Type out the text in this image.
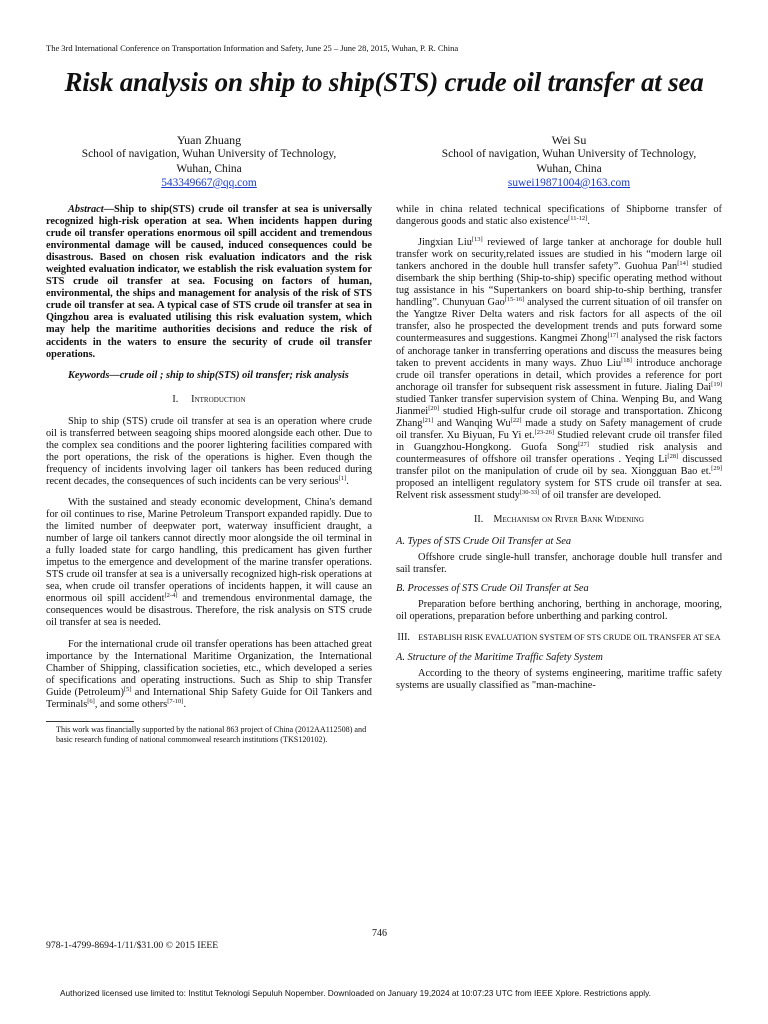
The 3rd International Conference on Transportation Information and Safety, June 25 – June 28, 2015, Wuhan, P. R. China
Risk analysis on ship to ship(STS) crude oil transfer at sea
Yuan Zhuang
School of navigation, Wuhan University of Technology,
Wuhan, China
543349667@qq.com
Wei Su
School of navigation, Wuhan University of Technology,
Wuhan, China
suwei19871004@163.com

Abstract—Ship to ship(STS) crude oil transfer at sea is universally recognized high-risk operation at sea. When incidents happen during crude oil transfer operations enormous oil spill accident and tremendous environmental damage will be caused, induced consequences could be disastrous. Based on chosen risk evaluation indicators and the risk weighted evaluation indicator, we establish the risk evaluation system for STS crude oil transfer at sea. Focusing on factors of human, environmental, the ships and management for analysis of the risk of STS crude oil transfer at sea. A typical case of STS crude oil transfer at sea in Qingzhou area is evaluated utilising this risk evaluation system, which may help the maritime authorities decisions and reduce the risk of accidents in the waters to ensure the security of crude oil transfer operations.

Keywords—crude oil ; ship to ship(STS) oil transfer; risk analysis

I. Introduction

Ship to ship (STS) crude oil transfer at sea is an operation where crude oil is transferred between seagoing ships moored alongside each other. Due to the complex sea conditions and the poorer lightering facilities compared with the port operations, the risk of the operations is higher. Even though the frequency of incidents involving lager oil tankers has been reduced during recent decades, the consequences of such incidents can be very serious[1].

With the sustained and steady economic development, China's demand for oil continues to rise, Marine Petroleum Transport expanded rapidly. Due to the limited number of deepwater port, waterway insufficient draught, a number of large oil tankers cannot directly moor alongside the oil terminal in a fully loaded state for cargo handling, this predicament has given further impetus to the emergence and development of the marine transfer operations. STS crude oil transfer at sea is a universally recognized high-risk operations at sea, when crude oil transfer operations of incidents happen, it will cause an enormous oil spill accident[2-4] and tremendous environmental damage, the consequences would be disastrous. Therefore, the risk analysis on STS crude oil transfer at sea is needed.

For the international crude oil transfer operations has been attached great importance by the International Maritime Organization, the International Chamber of Shipping, classification societies, etc., which developed a series of specifications and operating instructions. Such as Ship to ship Transfer Guide (Petroleum)[5] and International Ship Safety Guide for Oil Tankers and Terminals[6], and some others[7-10].

This work was financially supported by the national 863 project of China (2012AA112508) and basic research funding of national commonweal research institutions (TKS120102).

while in china related technical specifications of Shipborne transfer of dangerous goods and static also existence[11-12].

Jingxian Liu[13] reviewed of large tanker at anchorage for double hull transfer work on security,related issues are studied in his “modern large oil tankers anchored in the double hull transfer safety”. Guohua Pan[14] studied disembark the ship berthing (Ship-to-ship) specific operating method without tug assistance in his “Supertankers on board ship-to-ship berthing, transfer handling”. Chunyuan Gao[15-16] analysed the current situation of oil transfer on the Yangtze River Delta waters and risk factors for all aspects of the oil transfer, also he prospected the development trends and puts forward some countermeasures and suggestions. Kangmei Zhong[17] analysed the risk factors of anchorage tanker in transferring operations and discuss the measures being taken to prevent accidents in many ways. Zhuo Liu[18] introduce anchorage crude oil transfer operations in detail, which provides a reference for port anchorage oil transfer for subsequent risk assessment in future. Jialing Dai[19] studied Tanker transfer supervision system of China. Wenping Bu, and Wang Jianmei[20] studied High-sulfur crude oil storage and transportation. Zhicong Zhang[21] and Wanqing Wu[22] made a study on Safety management of crude oil transfer. Xu Biyuan, Fu Yi et.[23-26] Studied relevant crude oil transfer filed in Guangzhou-Hongkong. Guofa Song[27] studied risk analysis and countermeasures of offshore oil transfer operations . Yeqing Li[28] discussed transfer pilot on the manipulation of crude oil by sea. Xiongguan Bao et.[29] proposed an intelligent regulatory system for STS crude oil transfer at sea. Relvent risk assessment study[30-33] of oil transfer are developed.

II. Mechanism on River Bank Widening
A. Types of STS Crude Oil Transfer at Sea

Offshore crude single-hull transfer, anchorage double hull transfer and sail transfer.

B. Processes of STS Crude Oil Transfer at Sea

Preparation before berthing anchoring, berthing in anchorage, mooring, oil operations, preparation before unberthing and parking control.

III. ESTABLISH RISK EVALUATION SYSTEM OF STS CRUDE OIL TRANSFER AT SEA
A. Structure of the Maritime Traffic Safety System

According to the theory of systems engineering, maritime traffic safety systems are usually classified as "man-machine-

746
978-1-4799-8694-1/11/$31.00 © 2015 IEEE
Authorized licensed use limited to: Institut Teknologi Sepuluh Nopember. Downloaded on January 19,2024 at 10:07:23 UTC from IEEE Xplore. Restrictions apply.
